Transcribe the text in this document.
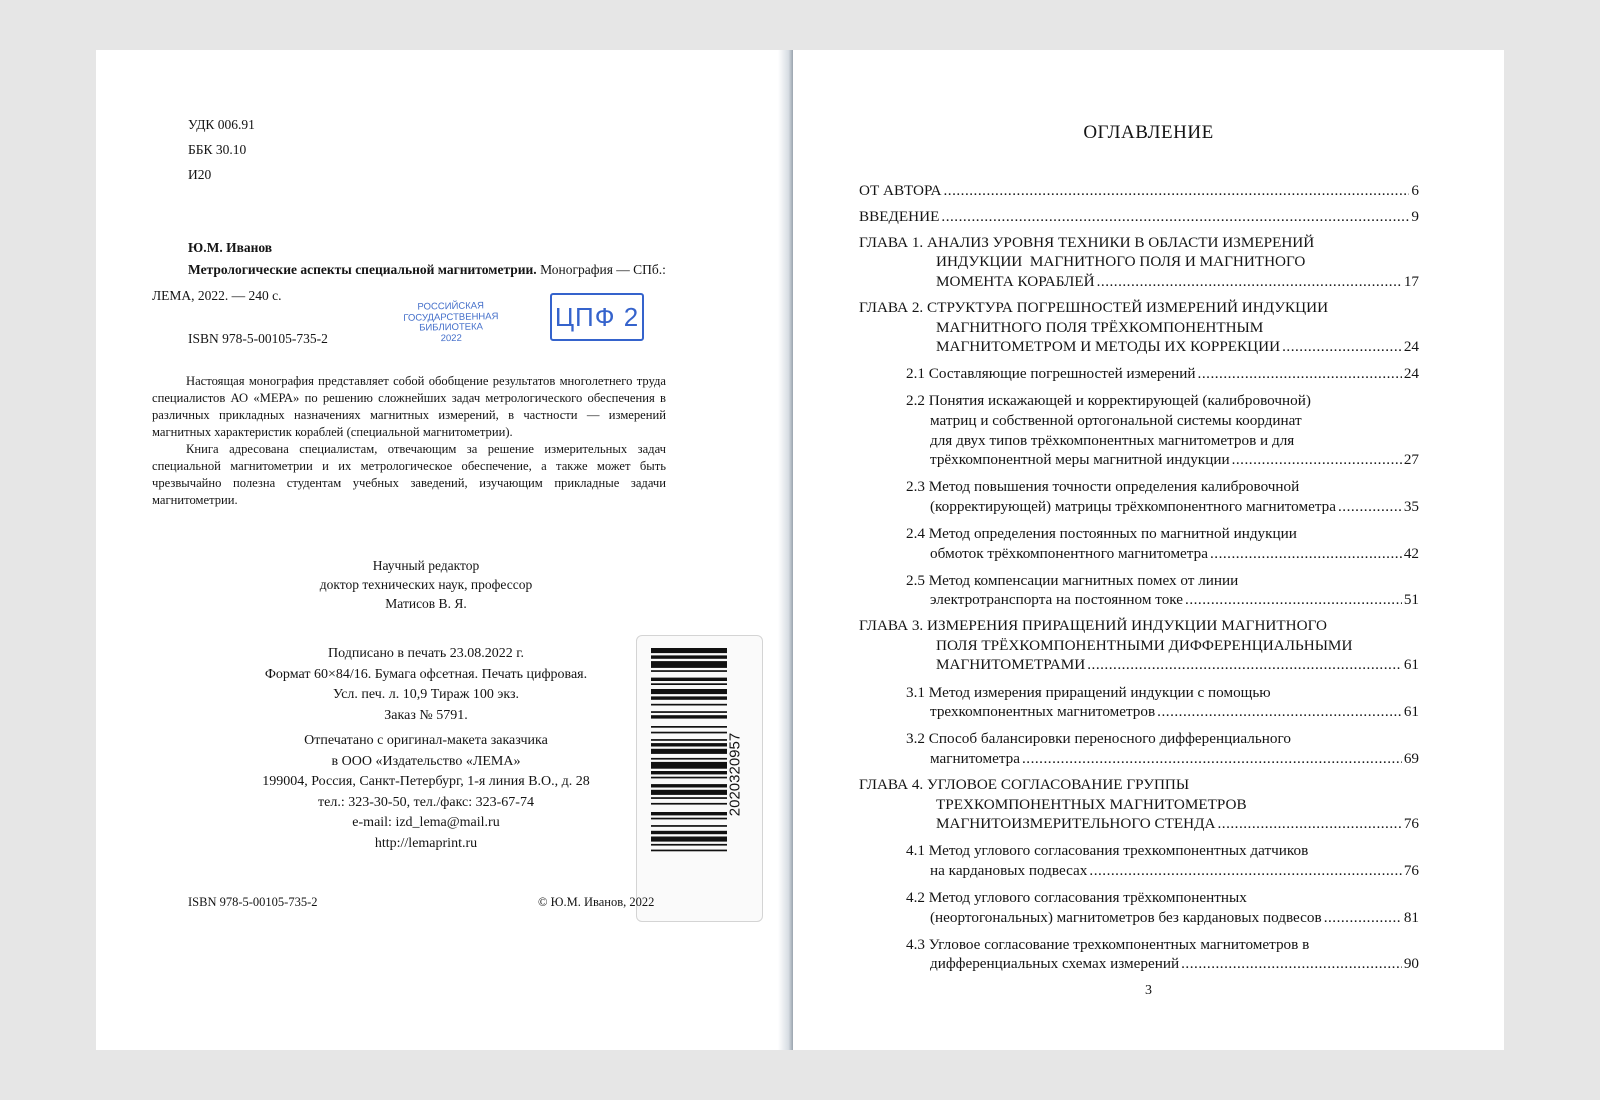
УДК 006.91
ББК 30.10
И20
Ю.М. Иванов
Метрологические аспекты специальной магнитометрии. Монография — СПб.:
ЛЕМА, 2022. — 240 с.
ISBN 978-5-00105-735-2
РОССИЙСКАЯ
ГОСУДАРСТВЕННАЯ
БИБЛИОТЕКА
2022
ЦПФ 2

Настоящая монография представляет собой обобщение результатов многолетнего труда специалистов АО «МЕРА» по решению сложнейших задач метрологического обеспечения в различных прикладных назначениях магнитных измерений, в частности — измерений магнитных характеристик кораблей (специальной магнитометрии).

Книга адресована специалистам, отвечающим за решение измерительных задач специальной магнитометрии и их метрологическое обеспечение, а также может быть чрезвычайно полезна студентам учебных заведений, изучающим прикладные задачи магнитометрии.

Научный редактор
доктор технических наук, профессор
Матисов В. Я.
Подписано в печать 23.08.2022 г.
Формат 60×84/16. Бумага офсетная. Печать цифровая.
Усл. печ. л. 10,9 Тираж 100 экз.
Заказ № 5791.
Отпечатано с оригинал-макета заказчика
в ООО «Издательство «ЛЕМА»
199004, Россия, Санкт-Петербург, 1-я линия В.О., д. 28
тел.: 323-30-50, тел./факс: 323-67-74
e-mail: izd_lema@mail.ru
http://lemaprint.ru
2020320957
ISBN 978-5-00105-735-2	© Ю.М. Иванов, 2022
ОГЛАВЛЕНИЕ
ОТ АВТОРА .....	6
ВВЕДЕНИЕ .....	9
ГЛАВА 1. АНАЛИЗ УРОВНЯ ТЕХНИКИ В ОБЛАСТИ ИЗМЕРЕНИЙ
ИНДУКЦИИ  МАГНИТНОГО ПОЛЯ И МАГНИТНОГО
МОМЕНТА КОРАБЛЕЙ .....	17
ГЛАВА 2. СТРУКТУРА ПОГРЕШНОСТЕЙ ИЗМЕРЕНИЙ ИНДУКЦИИ
МАГНИТНОГО ПОЛЯ ТРЁХКОМПОНЕНТНЫМ
МАГНИТОМЕТРОМ И МЕТОДЫ ИХ КОРРЕКЦИИ .....	24
2.1 Составляющие погрешностей измерений .....	24
2.2 Понятия искажающей и корректирующей (калибровочной)
матриц и собственной ортогональной системы координат
для двух типов трёхкомпонентных магнитометров и для
трёхкомпонентной меры магнитной индукции .....	27
2.3 Метод повышения точности определения калибровочной
(корректирующей) матрицы трёхкомпонентного магнитометра .....	35
2.4 Метод определения постоянных по магнитной индукции
обмоток трёхкомпонентного магнитометра .....	42
2.5 Метод компенсации магнитных помех от линии
электротранспорта на постоянном токе .....	51
ГЛАВА 3. ИЗМЕРЕНИЯ ПРИРАЩЕНИЙ ИНДУКЦИИ МАГНИТНОГО
ПОЛЯ ТРЁХКОМПОНЕНТНЫМИ ДИФФЕРЕНЦИАЛЬНЫМИ
МАГНИТОМЕТРАМИ .....	61
3.1 Метод измерения приращений индукции с помощью
трехкомпонентных магнитометров .....	61
3.2 Способ балансировки переносного дифференциального
магнитометра .....	69
ГЛАВА 4. УГЛОВОЕ СОГЛАСОВАНИЕ ГРУППЫ
ТРЕХКОМПОНЕНТНЫХ МАГНИТОМЕТРОВ
МАГНИТОИЗМЕРИТЕЛЬНОГО СТЕНДА .....	76
4.1 Метод углового согласования трехкомпонентных датчиков
на кардановых подвесах .....	76
4.2 Метод углового согласования трёхкомпонентных
(неортогональных) магнитометров без кардановых подвесов .....	81
4.3 Угловое согласование трехкомпонентных магнитометров в
дифференциальных схемах измерений .....	90
3
